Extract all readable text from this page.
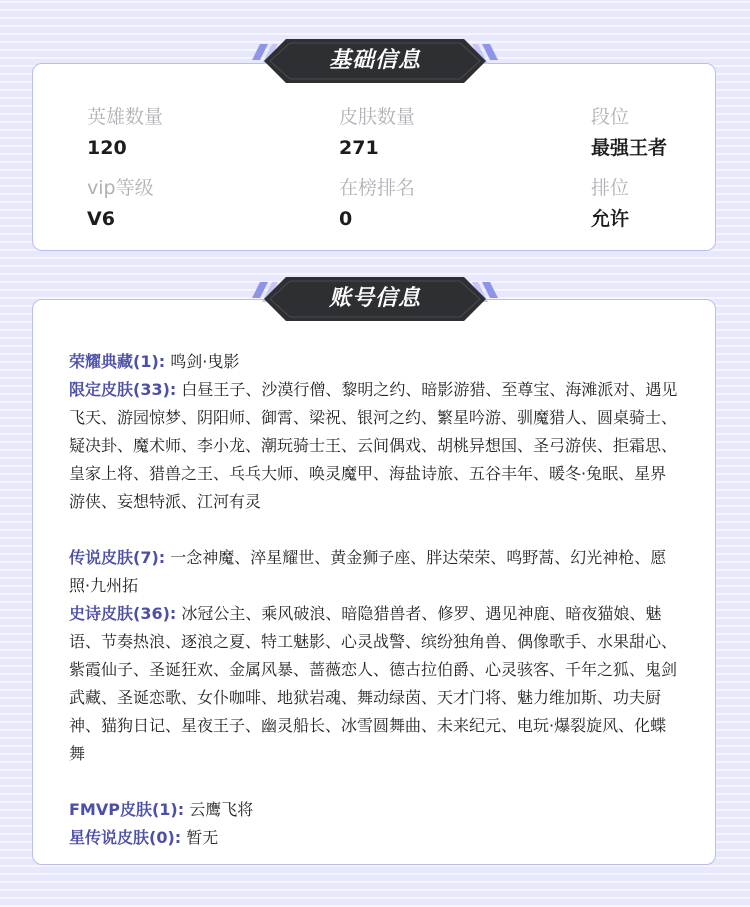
英雄数量
120
皮肤数量
271
段位
最强王者
vip等级
V6
在榜排名
0
排位
允许
基础信息
荣耀典藏(1): 鸣剑·曳影
限定皮肤(33): 白昼王子、沙漠行僧、黎明之约、暗影游猎、至尊宝、海滩派对、遇见飞天、游园惊梦、阴阳师、御霄、梁祝、银河之约、繁星吟游、驯魔猎人、圆桌骑士、疑决卦、魔术师、李小龙、潮玩骑士王、云间偶戏、胡桃异想国、圣弓游侠、拒霜思、皇家上将、猎兽之王、乓乓大师、唤灵魔甲、海盐诗旅、五谷丰年、暖冬·兔眠、星界游侠、妄想特派、江河有灵
传说皮肤(7): 一念神魔、淬星耀世、黄金狮子座、胖达荣荣、鸣野蒿、幻光神枪、愿照·九州拓
史诗皮肤(36): 冰冠公主、乘风破浪、暗隐猎兽者、修罗、遇见神鹿、暗夜猫娘、魅语、节奏热浪、逐浪之夏、特工魅影、心灵战警、缤纷独角兽、偶像歌手、水果甜心、紫霞仙子、圣诞狂欢、金属风暴、蔷薇恋人、德古拉伯爵、心灵骇客、千年之狐、鬼剑武藏、圣诞恋歌、女仆咖啡、地狱岩魂、舞动绿茵、天才门将、魅力维加斯、功夫厨神、猫狗日记、星夜王子、幽灵船长、冰雪圆舞曲、未来纪元、电玩·爆裂旋风、化蝶舞
FMVP皮肤(1): 云鹰飞将
星传说皮肤(0): 暂无
账号信息
